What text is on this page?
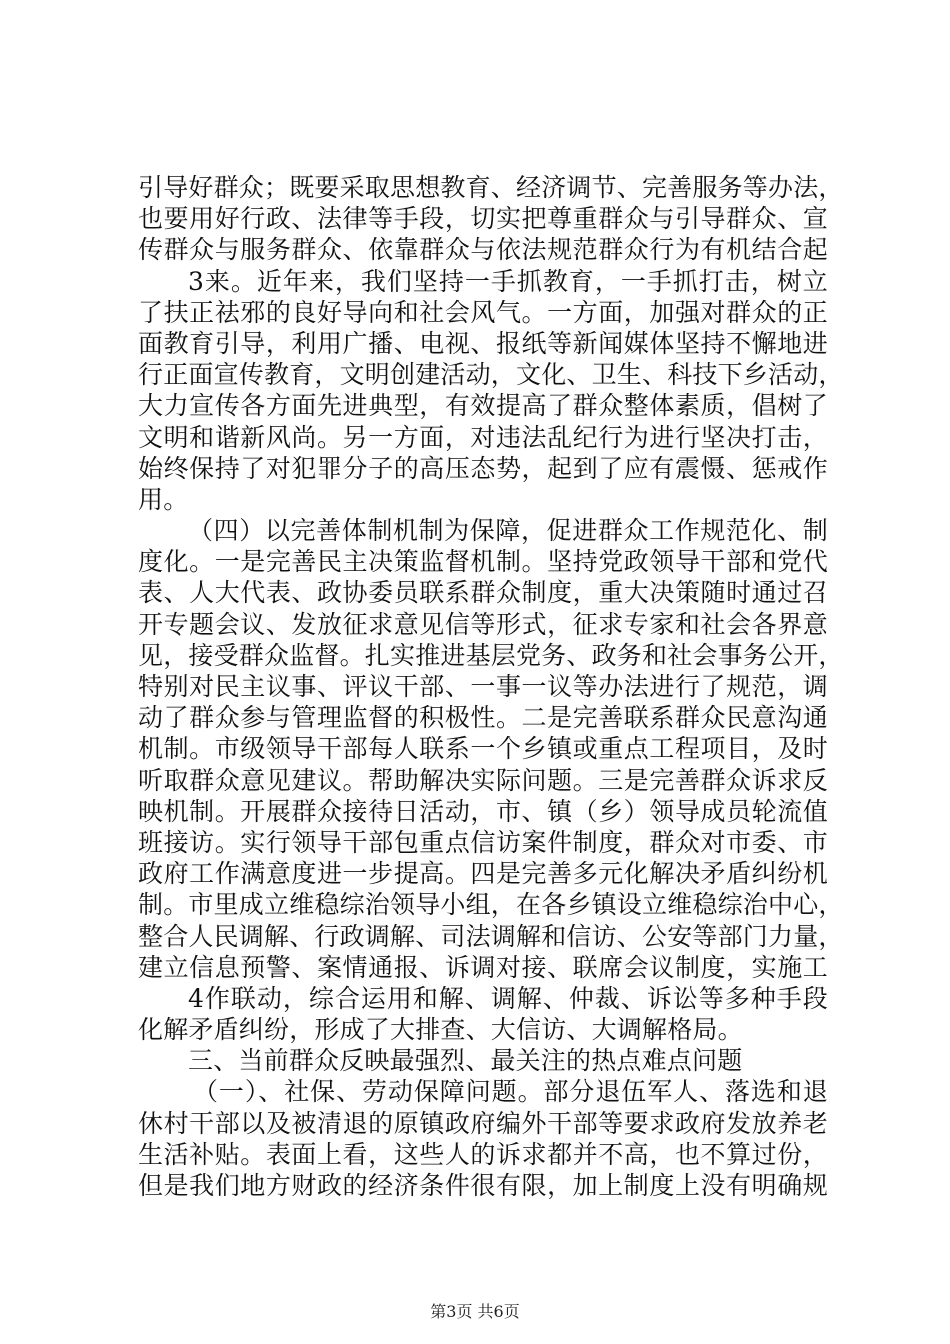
引导好群众；既要采取思想教育、经济调节、完善服务等办法，
也要用好行政、法律等手段，切实把尊重群众与引导群众、宣
传群众与服务群众、依靠群众与依法规范群众行为有机结合起
3来。近年来，我们坚持一手抓教育，一手抓打击，树立
了扶正祛邪的良好导向和社会风气。一方面，加强对群众的正
面教育引导，利用广播、电视、报纸等新闻媒体坚持不懈地进
行正面宣传教育，文明创建活动，文化、卫生、科技下乡活动，
大力宣传各方面先进典型，有效提高了群众整体素质，倡树了
文明和谐新风尚。另一方面，对违法乱纪行为进行坚决打击，
始终保持了对犯罪分子的高压态势，起到了应有震慑、惩戒作
用。
（四）以完善体制机制为保障，促进群众工作规范化、制
度化。一是完善民主决策监督机制。坚持党政领导干部和党代
表、人大代表、政协委员联系群众制度，重大决策随时通过召
开专题会议、发放征求意见信等形式，征求专家和社会各界意
见，接受群众监督。扎实推进基层党务、政务和社会事务公开，
特别对民主议事、评议干部、一事一议等办法进行了规范，调
动了群众参与管理监督的积极性。二是完善联系群众民意沟通
机制。市级领导干部每人联系一个乡镇或重点工程项目，及时
听取群众意见建议。帮助解决实际问题。三是完善群众诉求反
映机制。开展群众接待日活动，市、镇（乡）领导成员轮流值
班接访。实行领导干部包重点信访案件制度，群众对市委、市
政府工作满意度进一步提高。四是完善多元化解决矛盾纠纷机
制。市里成立维稳综治领导小组，在各乡镇设立维稳综治中心，
整合人民调解、行政调解、司法调解和信访、公安等部门力量，
建立信息预警、案情通报、诉调对接、联席会议制度，实施工
4作联动，综合运用和解、调解、仲裁、诉讼等多种手段
化解矛盾纠纷，形成了大排查、大信访、大调解格局。
三、当前群众反映最强烈、最关注的热点难点问题
（一）、社保、劳动保障问题。部分退伍军人、落选和退
休村干部以及被清退的原镇政府编外干部等要求政府发放养老
生活补贴。表面上看，这些人的诉求都并不高，也不算过份，
但是我们地方财政的经济条件很有限，加上制度上没有明确规
第3页 共6页
